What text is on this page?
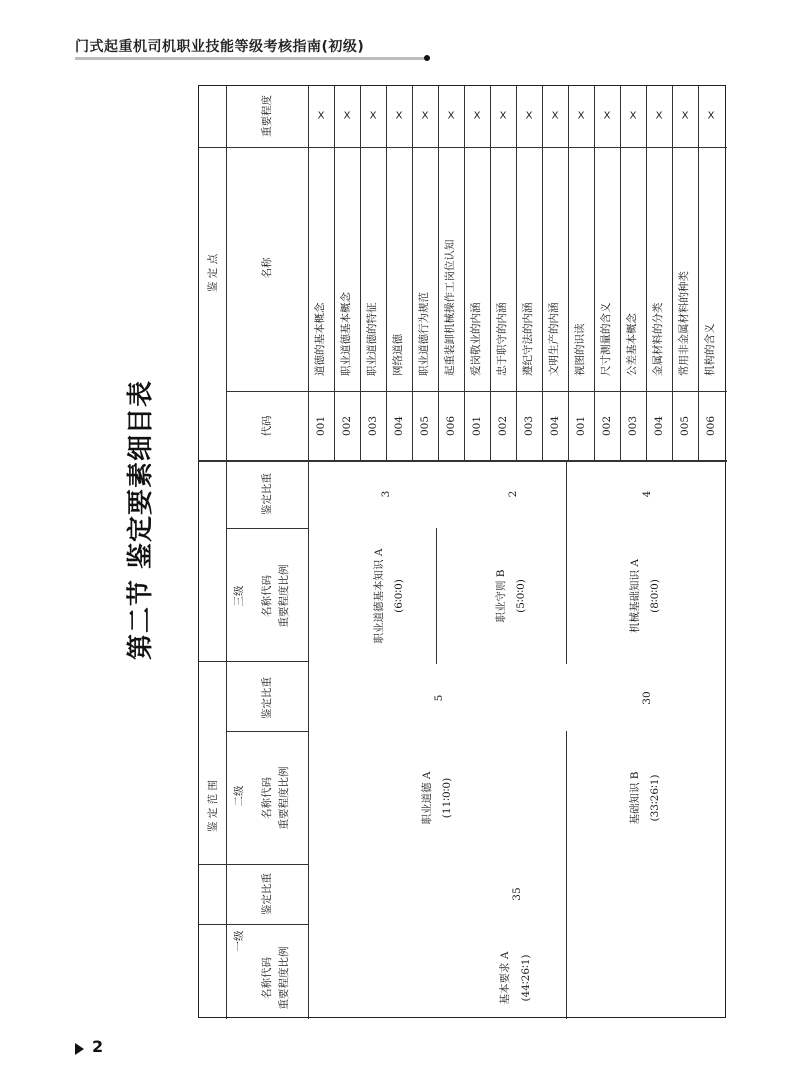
门式起重机司机职业技能等级考核指南(初级)
第二节 鉴定要素细目表
鉴 定 范 围
鉴 定 点
一级
二级
三级
名称代码 重要程度比例
鉴定比重
名称代码 重要程度比例
鉴定比重
名称代码 重要程度比例
鉴定比重
代码
名称
重要程度
基本要求 A (44∶26∶1)
35
职业道德 A (11∶0∶0)
5
基础知识 B (33∶26∶1)
30
职业道德基本知识 A (6∶0∶0)
3
职业守则 B (5∶0∶0)
2
机械基础知识 A (8∶0∶0)
4
001
道德的基本概念
X
002
职业道德基本概念
X
003
职业道德的特征
X
004
网络道德
X
005
职业道德行为规范
X
006
起重装卸机械操作工岗位认知
X
001
爱岗敬业的内涵
X
002
忠于职守的内涵
X
003
遵纪守法的内涵
X
004
文明生产的内涵
X
001
视图的识读
X
002
尺寸测量的含义
X
003
公差基本概念
X
004
金属材料的分类
X
005
常用非金属材料的种类
X
006
机构的含义
X
2
